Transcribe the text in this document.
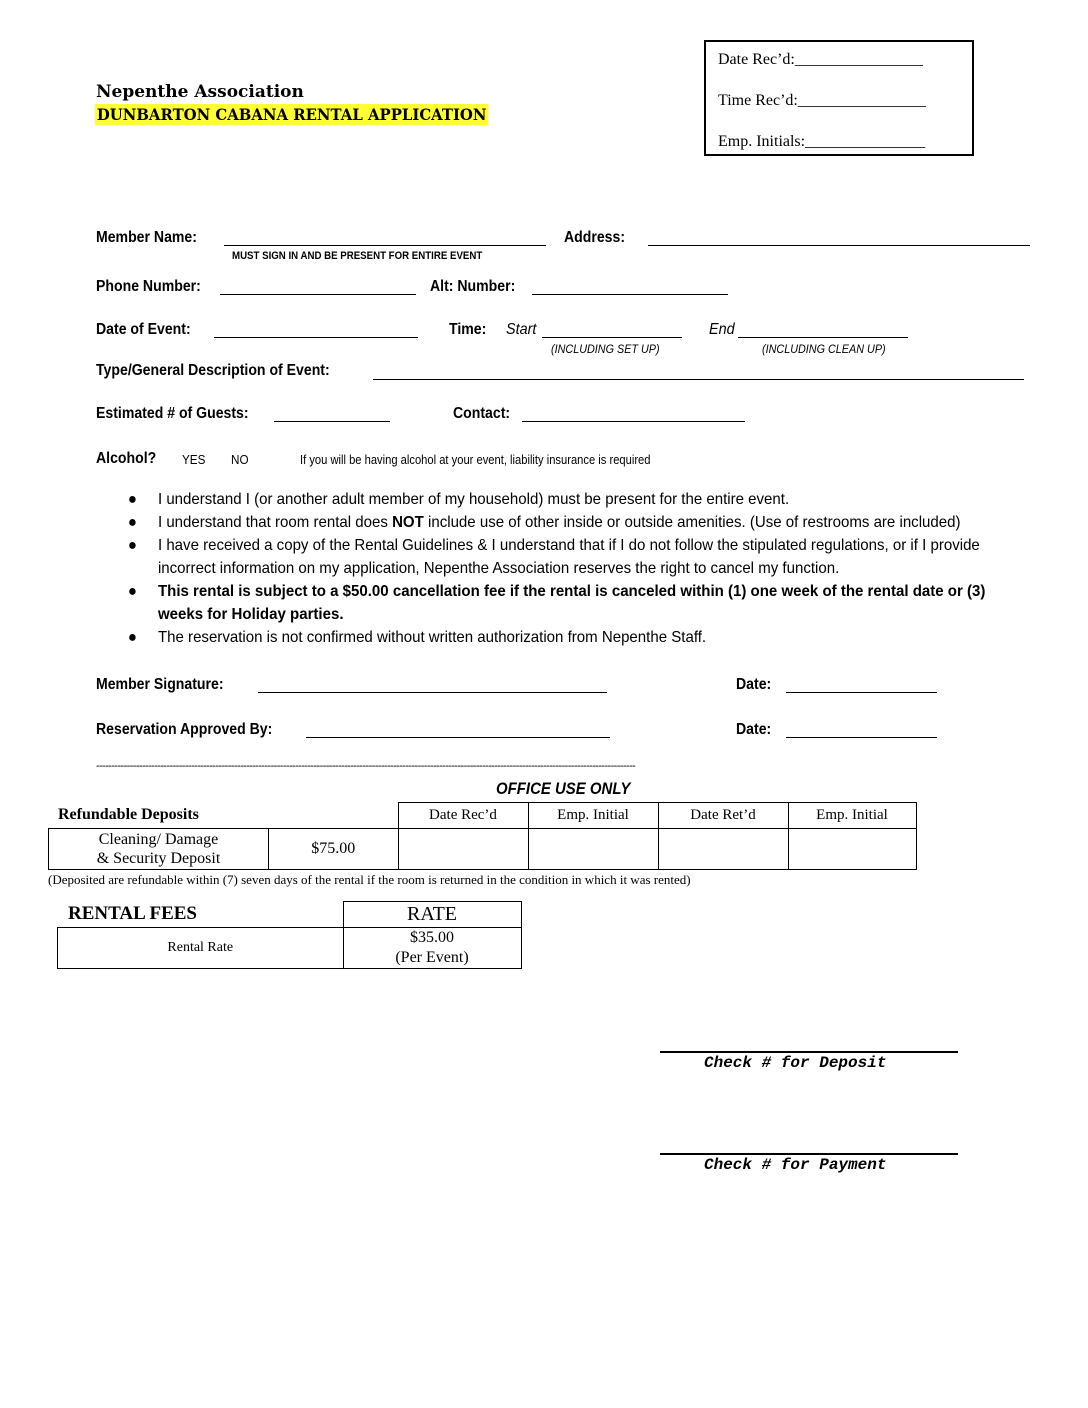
Nepenthe Association
DUNBARTON CABANA RENTAL APPLICATION
Date Rec’d:________________
Time Rec’d:________________
Emp. Initials:_______________
Member Name:
MUST SIGN IN AND BE PRESENT FOR ENTIRE EVENT
Address:
Phone Number:	Alt: Number:
Date of Event:	Time: Start	End
(INCLUDING SET UP)	(INCLUDING CLEAN UP)
Type/General Description of Event:
Estimated # of Guests:	Contact:
Alcohol? YES NO	If you will be having alcohol at your event, liability insurance is required
● I understand I (or another adult member of my household) must be present for the entire event.
● I understand that room rental does NOT include use of other inside or outside amenities. (Use of restrooms are included)
● I have received a copy of the Rental Guidelines & I understand that if I do not follow the stipulated regulations, or if I provide incorrect information on my application, Nepenthe Association reserves the right to cancel my function.
● This rental is subject to a $50.00 cancellation fee if the rental is canceled within (1) one week of the rental date or (3) weeks for Holiday parties.
● The reservation is not confirmed without written authorization from Nepenthe Staff.
Member Signature:	Date:
Reservation Approved By:	Date:
--------------------------------------------------------------------------------------------------------------------------------------------------------------------------------
OFFICE USE ONLY
Refundable Deposits
			Date Rec’d	Emp. Initial	Date Ret’d	Emp. Initial
Cleaning/ Damage & Security Deposit	$75.00				
(Deposited are refundable within (7) seven days of the rental if the room is returned in the condition in which it was rented)
RENTAL FEES
		RATE
Rental Rate	$35.00
(Per Event)
Check # for Deposit
Check # for Payment
